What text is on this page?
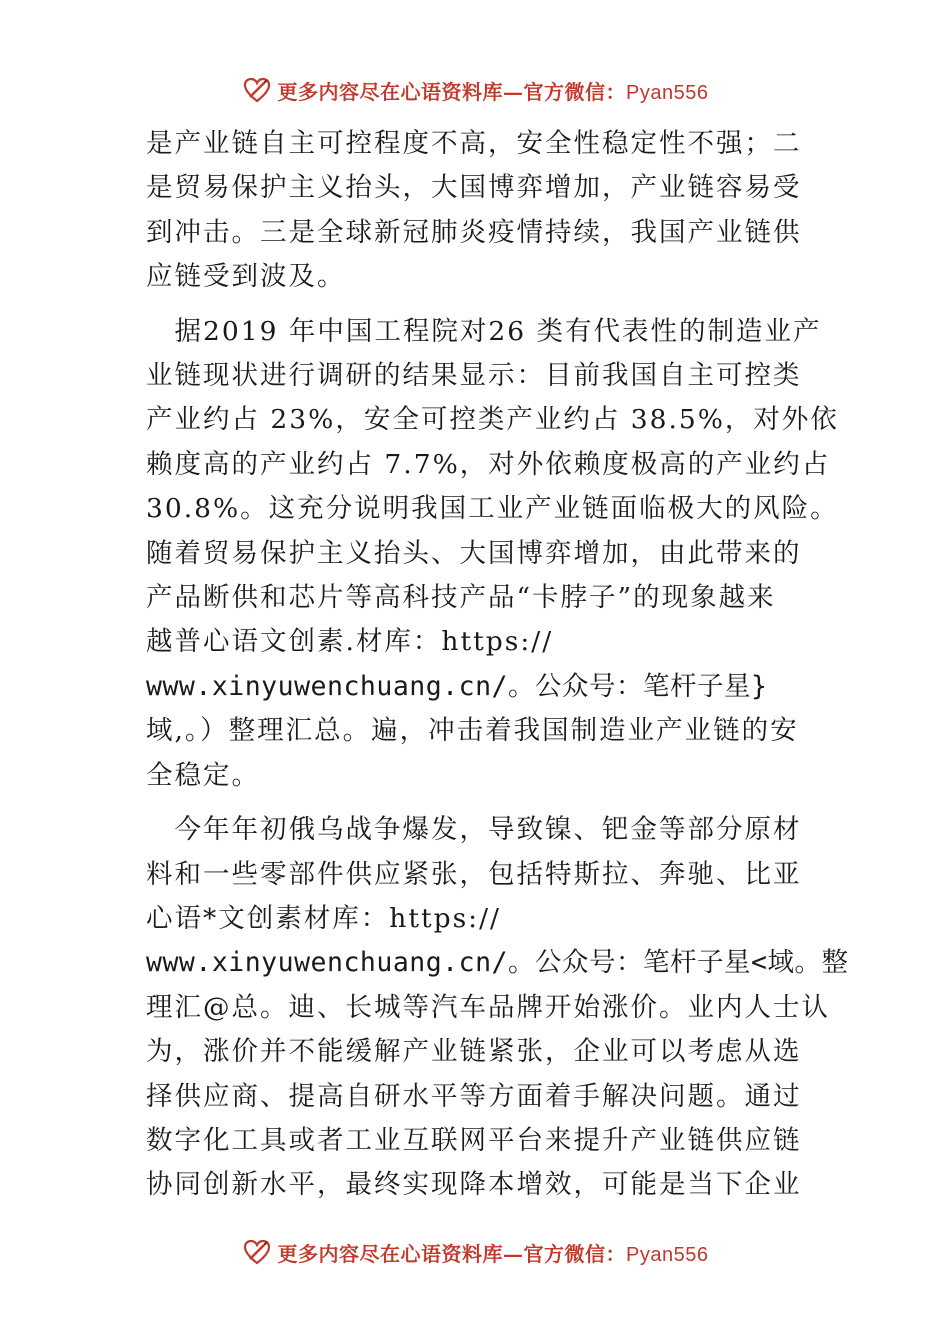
更多内容尽在心语资料库—官方微信：Pyan556
是产业链自主可控程度不高，安全性稳定性不强；二
是贸易保护主义抬头，大国博弈增加，产业链容易受
到冲击。三是全球新冠肺炎疫情持续，我国产业链供
应链受到波及。
　据2019 年中国工程院对26 类有代表性的制造业产
业链现状进行调研的结果显示：目前我国自主可控类
产业约占 23%，安全可控类产业约占 38.5%，对外依
赖度高的产业约占 7.7%，对外依赖度极高的产业约占
30.8%。这充分说明我国工业产业链面临极大的风险。
随着贸易保护主义抬头、大国博弈增加，由此带来的
产品断供和芯片等高科技产品“卡脖子”的现象越来
越普心语文创素.材库：https://
www.xinyuwenchuang.cn/。公众号：笔杆子星}
域,。）整理汇总。遍，冲击着我国制造业产业链的安
全稳定。
　今年年初俄乌战争爆发，导致镍、钯金等部分原材
料和一些零部件供应紧张，包括特斯拉、奔驰、比亚
心语*文创素材库：https://
www.xinyuwenchuang.cn/。公众号：笔杆子星<域。整
理汇@总。迪、长城等汽车品牌开始涨价。业内人士认
为，涨价并不能缓解产业链紧张，企业可以考虑从选
择供应商、提高自研水平等方面着手解决问题。通过
数字化工具或者工业互联网平台来提升产业链供应链
协同创新水平，最终实现降本增效，可能是当下企业
更多内容尽在心语资料库—官方微信：Pyan556
